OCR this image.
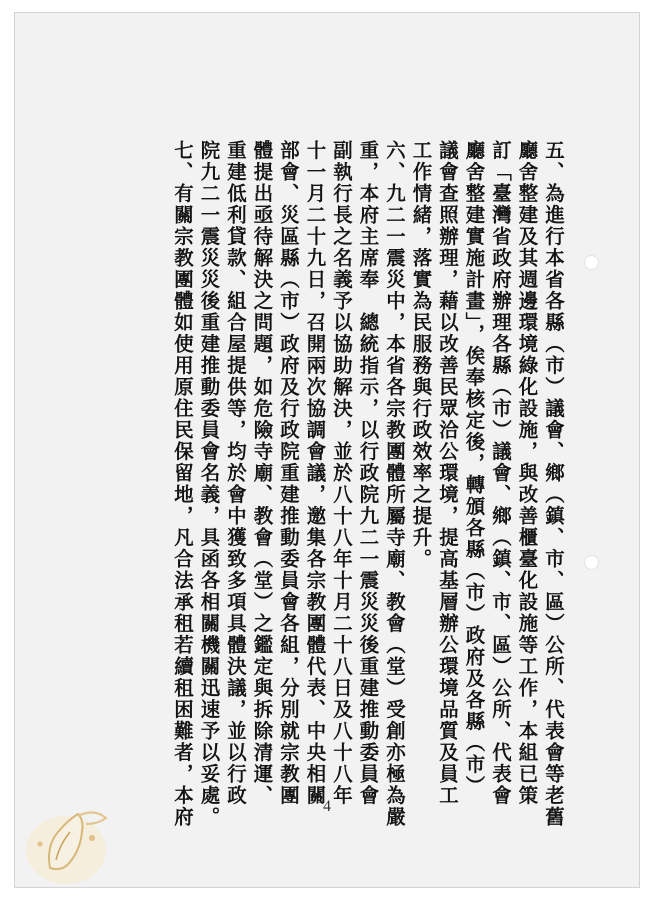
五、為進行本省各縣（市）議會、鄉（鎮、市、區）公所、代表會等老舊
廳舍整建及其週邊環境綠化設施，與改善櫃臺化設施等工作，本組已策
訂「臺灣省政府辦理各縣（市）議會、鄉（鎮、市、區）公所、代表會
廳舍整建實施計畫」，俟奉核定後，轉頒各縣（市）政府及各縣（市）
議會查照辦理，藉以改善民眾洽公環境，提高基層辦公環境品質及員工
工作情緒，落實為民服務與行政效率之提升。
六、九二一震災中，本省各宗教團體所屬寺廟、教會（堂）受創亦極為嚴
重，本府主席奉　總統指示，以行政院九二一震災災後重建推動委員會
副執行長之名義予以協助解決，並於八十八年十月二十八日及八十八年
十一月二十九日，召開兩次協調會議，邀集各宗教團體代表、中央相關
部會、災區縣（市）政府及行政院重建推動委員會各組，分別就宗教團
體提出亟待解決之問題，如危險寺廟、教會（堂）之鑑定與拆除清運、
重建低利貸款、組合屋提供等，均於會中獲致多項具體決議，並以行政
院九二一震災災後重建推動委員會名義，具函各相關機關迅速予以妥處。
七、有關宗教團體如使用原住民保留地，凡合法承租若續租困難者，本府	4
